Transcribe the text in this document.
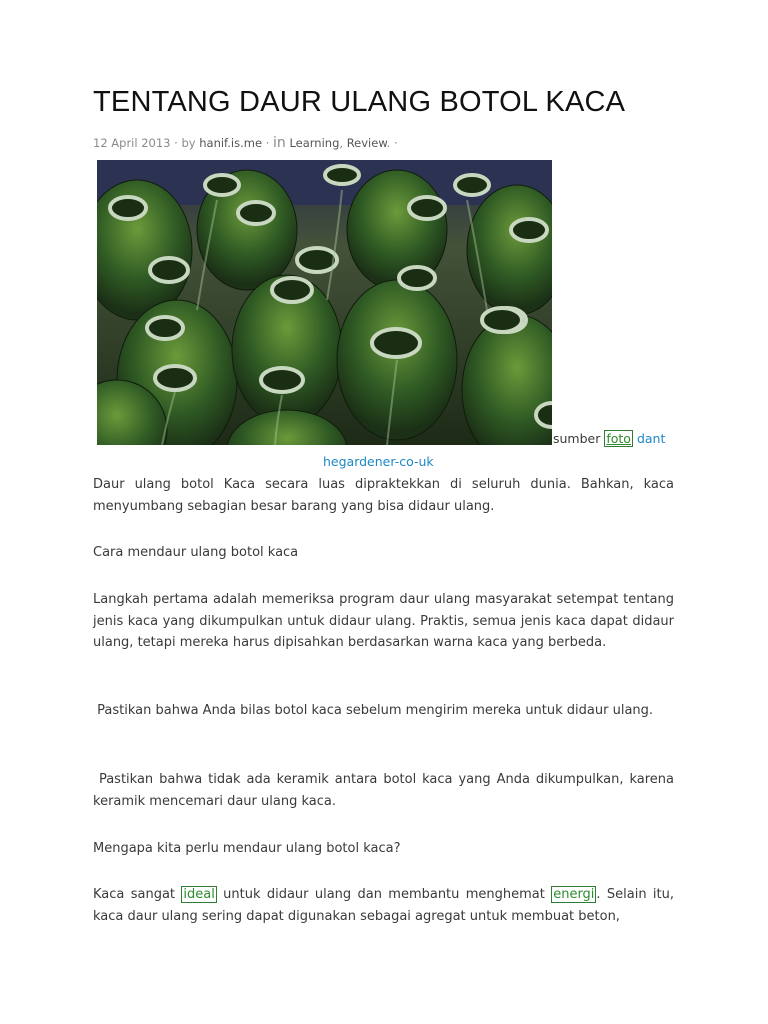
TENTANG DAUR ULANG BOTOL KACA
12 April 2013 · by hanif.is.me · in Learning, Review. ·
sumber foto dant
hegardener-co-uk

Daur ulang botol Kaca secara luas dipraktekkan di seluruh dunia. Bahkan, kaca menyumbang sebagian besar barang yang bisa didaur ulang.

Cara mendaur ulang botol kaca

Langkah pertama adalah memeriksa program daur ulang masyarakat setempat tentang jenis kaca yang dikumpulkan untuk didaur ulang. Praktis, semua jenis kaca dapat didaur ulang, tetapi mereka harus dipisahkan berdasarkan warna kaca yang berbeda.

Pastikan bahwa Anda bilas botol kaca sebelum mengirim mereka untuk didaur ulang.

Pastikan bahwa tidak ada keramik antara botol kaca yang Anda dikumpulkan, karena keramik mencemari daur ulang kaca.

Mengapa kita perlu mendaur ulang botol kaca?

Kaca sangat ideal untuk didaur ulang dan membantu menghemat energi . Selain itu, kaca daur ulang sering dapat digunakan sebagai agregat untuk membuat beton,
